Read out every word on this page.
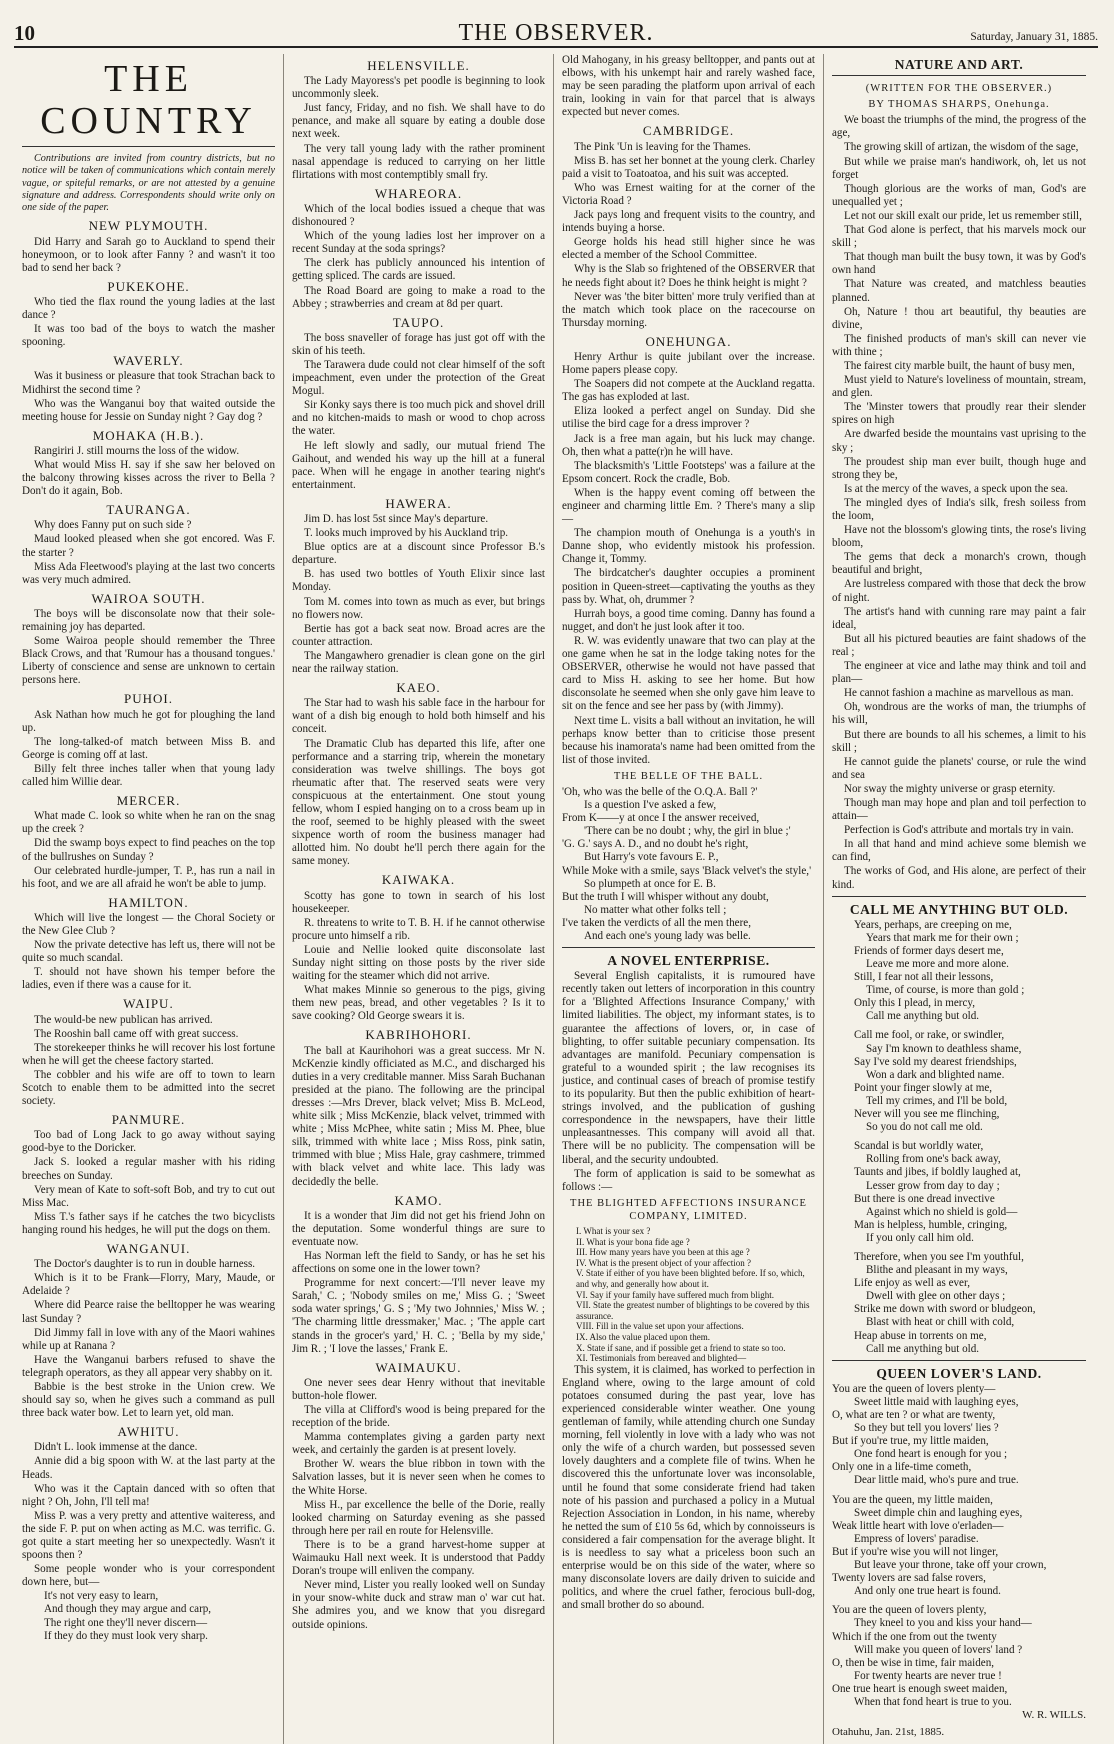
10	THE OBSERVER.	Saturday, January 31, 1885.
THE COUNTRY

Contributions are invited from country districts, but no notice will be taken of communications which contain merely vague, or spiteful remarks, or are not attested by a genuine signature and address. Correspondents should write only on one side of the paper.

NEW PLYMOUTH.

Did Harry and Sarah go to Auckland to spend their honeymoon, or to look after Fanny ? and wasn't it too bad to send her back ?

PUKEKOHE.

Who tied the flax round the young ladies at the last dance ?

It was too bad of the boys to watch the masher spooning.

WAVERLY.

Was it business or pleasure that took Strachan back to Midhirst the second time ?

Who was the Wanganui boy that waited outside the meeting house for Jessie on Sunday night ? Gay dog ?

MOHAKA (H.B.).

Rangiriri J. still mourns the loss of the widow.

What would Miss H. say if she saw her beloved on the balcony throwing kisses across the river to Bella ? Don't do it again, Bob.

TAURANGA.

Why does Fanny put on such side ?

Maud looked pleased when she got encored. Was F. the starter ?

Miss Ada Fleetwood's playing at the last two concerts was very much admired.

WAIROA SOUTH.

The boys will be disconsolate now that their sole-remaining joy has departed.

Some Wairoa people should remember the Three Black Crows, and that 'Rumour has a thousand tongues.' Liberty of conscience and sense are unknown to certain persons here.

PUHOI.

Ask Nathan how much he got for ploughing the land up.

The long-talked-of match between Miss B. and George is coming off at last.

Billy felt three inches taller when that young lady called him Willie dear.

MERCER.

What made C. look so white when he ran on the snag up the creek ?

Did the swamp boys expect to find peaches on the top of the bullrushes on Sunday ?

Our celebrated hurdle-jumper, T. P., has run a nail in his foot, and we are all afraid he won't be able to jump.

HAMILTON.

Which will live the longest — the Choral Society or the New Glee Club ?

Now the private detective has left us, there will not be quite so much scandal.

T. should not have shown his temper before the ladies, even if there was a cause for it.

WAIPU.

The would-be new publican has arrived.

The Rooshin ball came off with great success.

The storekeeper thinks he will recover his lost fortune when he will get the cheese factory started.

The cobbler and his wife are off to town to learn Scotch to enable them to be admitted into the secret society.

PANMURE.

Too bad of Long Jack to go away without saying good-bye to the Doricker.

Jack S. looked a regular masher with his riding breeches on Sunday.

Very mean of Kate to soft-soft Bob, and try to cut out Miss Mac.

Miss T.'s father says if he catches the two bicyclists hanging round his hedges, he will put the dogs on them.

WANGANUI.

The Doctor's daughter is to run in double harness.

Which is it to be Frank—Florry, Mary, Maude, or Adelaide ?

Where did Pearce raise the belltopper he was wearing last Sunday ?

Did Jimmy fall in love with any of the Maori wahines while up at Ranana ?

Have the Wanganui barbers refused to shave the telegraph operators, as they all appear very shabby on it.

Babbie is the best stroke in the Union crew. We should say so, when he gives such a command as pull three back water bow. Let to learn yet, old man.

AWHITU.

Didn't L. look immense at the dance.

Annie did a big spoon with W. at the last party at the Heads.

Who was it the Captain danced with so often that night ? Oh, John, I'll tell ma!

Miss P. was a very pretty and attentive waiteress, and the side F. P. put on when acting as M.C. was terrific. G. got quite a start meeting her so unexpectedly. Wasn't it spoons then ?

Some people wonder who is your correspondent down here, but—

It's not very easy to learn,
And though they may argue and carp,
The right one they'll never discern—
If they do they must look very sharp.
HELENSVILLE.

The Lady Mayoress's pet poodle is beginning to look uncommonly sleek.

Just fancy, Friday, and no fish. We shall have to do penance, and make all square by eating a double dose next week.

The very tall young lady with the rather prominent nasal appendage is reduced to carrying on her little flirtations with most contemptibly small fry.

WHAREORA.

Which of the local bodies issued a cheque that was dishonoured ?

Which of the young ladies lost her improver on a recent Sunday at the soda springs?

The clerk has publicly announced his intention of getting spliced. The cards are issued.

The Road Board are going to make a road to the Abbey ; strawberries and cream at 8d per quart.

TAUPO.

The boss snaveller of forage has just got off with the skin of his teeth.

The Tarawera dude could not clear himself of the soft impeachment, even under the protection of the Great Mogul.

Sir Konky says there is too much pick and shovel drill and no kitchen-maids to mash or wood to chop across the water.

He left slowly and sadly, our mutual friend The Gaihout, and wended his way up the hill at a funeral pace. When will he engage in another tearing night's entertainment.

HAWERA.

Jim D. has lost 5st since May's departure.

T. looks much improved by his Auckland trip.

Blue optics are at a discount since Professor B.'s departure.

B. has used two bottles of Youth Elixir since last Monday.

Tom M. comes into town as much as ever, but brings no flowers now.

Bertie has got a back seat now. Broad acres are the counter attraction.

The Mangawhero grenadier is clean gone on the girl near the railway station.

KAEO.

The Star had to wash his sable face in the harbour for want of a dish big enough to hold both himself and his conceit.

The Dramatic Club has departed this life, after one performance and a starring trip, wherein the monetary consideration was twelve shillings. The boys got rheumatic after that. The reserved seats were very conspicuous at the entertainment. One stout young fellow, whom I espied hanging on to a cross beam up in the roof, seemed to be highly pleased with the sweet sixpence worth of room the business manager had allotted him. No doubt he'll perch there again for the same money.

KAIWAKA.

Scotty has gone to town in search of his lost housekeeper.

R. threatens to write to T. B. H. if he cannot otherwise procure unto himself a rib.

Louie and Nellie looked quite disconsolate last Sunday night sitting on those posts by the river side waiting for the steamer which did not arrive.

What makes Minnie so generous to the pigs, giving them new peas, bread, and other vegetables ? Is it to save cooking? Old George swears it is.

KABRIHOHORI.

The ball at Kaurihohori was a great success. Mr N. McKenzie kindly officiated as M.C., and discharged his duties in a very creditable manner. Miss Sarah Buchanan presided at the piano. The following are the principal dresses :—Mrs Drever, black velvet; Miss B. McLeod, white silk ; Miss McKenzie, black velvet, trimmed with white ; Miss McPhee, white satin ; Miss M. Phee, blue silk, trimmed with white lace ; Miss Ross, pink satin, trimmed with blue ; Miss Hale, gray cashmere, trimmed with black velvet and white lace. This lady was decidedly the belle.

KAMO.

It is a wonder that Jim did not get his friend John on the deputation. Some wonderful things are sure to eventuate now.

Has Norman left the field to Sandy, or has he set his affections on some one in the lower town?

Programme for next concert:—'I'll never leave my Sarah,' C. ; 'Nobody smiles on me,' Miss G. ; 'Sweet soda water springs,' G. S ; 'My two Johnnies,' Miss W. ; 'The charming little dressmaker,' Mac. ; 'The apple cart stands in the grocer's yard,' H. C. ; 'Bella by my side,' Jim R. ; 'I love the lasses,' Frank E.

WAIMAUKU.

One never sees dear Henry without that inevitable button-hole flower.

The villa at Clifford's wood is being prepared for the reception of the bride.

Mamma contemplates giving a garden party next week, and certainly the garden is at present lovely.

Brother W. wears the blue ribbon in town with the Salvation lasses, but it is never seen when he comes to the White Horse.

Miss H., par excellence the belle of the Dorie, really looked charming on Saturday evening as she passed through here per rail en route for Helensville.

There is to be a grand harvest-home supper at Waimauku Hall next week. It is understood that Paddy Doran's troupe will enliven the company.

Never mind, Lister you really looked well on Sunday in your snow-white duck and straw man o' war cut hat. She admires you, and we know that you disregard outside opinions.

Old Mahogany, in his greasy belltopper, and pants out at elbows, with his unkempt hair and rarely washed face, may be seen parading the platform upon arrival of each train, looking in vain for that parcel that is always expected but never comes.

CAMBRIDGE.

The Pink 'Un is leaving for the Thames.

Miss B. has set her bonnet at the young clerk. Charley paid a visit to Toatoatoa, and his suit was accepted.

Who was Ernest waiting for at the corner of the Victoria Road ?

Jack pays long and frequent visits to the country, and intends buying a horse.

George holds his head still higher since he was elected a member of the School Committee.

Why is the Slab so frightened of the OBSERVER that he needs fight about it? Does he think height is might ?

Never was 'the biter bitten' more truly verified than at the match which took place on the racecourse on Thursday morning.

ONEHUNGA.

Henry Arthur is quite jubilant over the increase. Home papers please copy.

The Soapers did not compete at the Auckland regatta. The gas has exploded at last.

Eliza looked a perfect angel on Sunday. Did she utilise the bird cage for a dress improver ?

Jack is a free man again, but his luck may change. Oh, then what a patte(r)n he will have.

The blacksmith's 'Little Footsteps' was a failure at the Epsom concert. Rock the cradle, Bob.

When is the happy event coming off between the engineer and charming little Em. ? There's many a slip—

The champion mouth of Onehunga is a youth's in Danne shop, who evidently mistook his profession. Change it, Tommy.

The birdcatcher's daughter occupies a prominent position in Queen-street—captivating the youths as they pass by. What, oh, drummer ?

Hurrah boys, a good time coming. Danny has found a nugget, and don't he just look after it too.

R. W. was evidently unaware that two can play at the one game when he sat in the lodge taking notes for the OBSERVER, otherwise he would not have passed that card to Miss H. asking to see her home. But how disconsolate he seemed when she only gave him leave to sit on the fence and see her pass by (with Jimmy).

Next time L. visits a ball without an invitation, he will perhaps know better than to criticise those present because his inamorata's name had been omitted from the list of those invited.

THE BELLE OF THE BALL.
'Oh, who was the belle of the O.Q.A. Ball ?'
Is a question I've asked a few,
From K——y at once I the answer received,
'There can be no doubt ; why, the girl in blue ;'
'G. G.' says A. D., and no doubt he's right,
But Harry's vote favours E. P.,
While Moke with a smile, says 'Black velvet's the style,'
So plumpeth at once for E. B.
But the truth I will whisper without any doubt,
No matter what other folks tell ;
I've taken the verdicts of all the men there,
And each one's young lady was belle.
A NOVEL ENTERPRISE.

Several English capitalists, it is rumoured have recently taken out letters of incorporation in this country for a 'Blighted Affections Insurance Company,' with limited liabilities. The object, my informant states, is to guarantee the affections of lovers, or, in case of blighting, to offer suitable pecuniary compensation. Its advantages are manifold. Pecuniary compensation is grateful to a wounded spirit ; the law recognises its justice, and continual cases of breach of promise testify to its popularity. But then the public exhibition of heart-strings involved, and the publication of gushing correspondence in the newspapers, have their little unpleasantnesses. This company will avoid all that. There will be no publicity. The compensation will be liberal, and the security undoubted.

The form of application is said to be somewhat as follows :—

THE BLIGHTED AFFECTIONS INSURANCE COMPANY, LIMITED.
I. What is your sex ?
II. What is your bona fide age ?
III. How many years have you been at this age ?
IV. What is the present object of your affection ?
V. State if either of you have been blighted before. If so, which, and why, and generally how about it.
VI. Say if your family have suffered much from blight.
VII. State the greatest number of blightings to be covered by this assurance.
VIII. Fill in the value set upon your affections.
IX. Also the value placed upon them.
X. State if sane, and if possible get a friend to state so too.
XI. Testimonials from bereaved and blighted—

This system, it is claimed, has worked to perfection in England where, owing to the large amount of cold potatoes consumed during the past year, love has experienced considerable winter weather. One young gentleman of family, while attending church one Sunday morning, fell violently in love with a lady who was not only the wife of a church warden, but possessed seven lovely daughters and a complete file of twins. When he discovered this the unfortunate lover was inconsolable, until he found that some considerate friend had taken note of his passion and purchased a policy in a Mutual Rejection Association in London, in his name, whereby he netted the sum of £10 5s 6d, which by connoisseurs is considered a fair compensation for the average blight. It is is needless to say what a priceless boon such an enterprise would be on this side of the water, where so many disconsolate lovers are daily driven to suicide and politics, and where the cruel father, ferocious bull-dog, and small brother do so abound.

NATURE AND ART.
(WRITTEN FOR THE OBSERVER.)
BY THOMAS SHARPS, Onehunga.

We boast the triumphs of the mind, the progress of the age,

The growing skill of artizan, the wisdom of the sage,

But while we praise man's handiwork, oh, let us not forget

Though glorious are the works of man, God's are unequalled yet ;

Let not our skill exalt our pride, let us remember still,

That God alone is perfect, that his marvels mock our skill ;

That though man built the busy town, it was by God's own hand

That Nature was created, and matchless beauties planned.

Oh, Nature ! thou art beautiful, thy beauties are divine,

The finished products of man's skill can never vie with thine ;

The fairest city marble built, the haunt of busy men,

Must yield to Nature's loveliness of mountain, stream, and glen.

The 'Minster towers that proudly rear their slender spires on high

Are dwarfed beside the mountains vast uprising to the sky ;

The proudest ship man ever built, though huge and strong they be,

Is at the mercy of the waves, a speck upon the sea.

The mingled dyes of India's silk, fresh soiless from the loom,

Have not the blossom's glowing tints, the rose's living bloom,

The gems that deck a monarch's crown, though beautiful and bright,

Are lustreless compared with those that deck the brow of night.

The artist's hand with cunning rare may paint a fair ideal,

But all his pictured beauties are faint shadows of the real ;

The engineer at vice and lathe may think and toil and plan—

He cannot fashion a machine as marvellous as man.

Oh, wondrous are the works of man, the triumphs of his will,

But there are bounds to all his schemes, a limit to his skill ;

He cannot guide the planets' course, or rule the wind and sea

Nor sway the mighty universe or grasp eternity.

Though man may hope and plan and toil perfection to attain—

Perfection is God's attribute and mortals try in vain.

In all that hand and mind achieve some blemish we can find,

The works of God, and His alone, are perfect of their kind.

CALL ME ANYTHING BUT OLD.
Years, perhaps, are creeping on me,
Years that mark me for their own ;
Friends of former days desert me,
Leave me more and more alone.
Still, I fear not all their lessons,
Time, of course, is more than gold ;
Only this I plead, in mercy,
Call me anything but old.
Call me fool, or rake, or swindler,
Say I'm known to deathless shame,
Say I've sold my dearest friendships,
Won a dark and blighted name.
Point your finger slowly at me,
Tell my crimes, and I'll be bold,
Never will you see me flinching,
So you do not call me old.
Scandal is but worldly water,
Rolling from one's back away,
Taunts and jibes, if boldly laughed at,
Lesser grow from day to day ;
But there is one dread invective
Against which no shield is gold—
Man is helpless, humble, cringing,
If you only call him old.
Therefore, when you see I'm youthful,
Blithe and pleasant in my ways,
Life enjoy as well as ever,
Dwell with glee on other days ;
Strike me down with sword or bludgeon,
Blast with heat or chill with cold,
Heap abuse in torrents on me,
Call me anything but old.
QUEEN LOVER'S LAND.
You are the queen of lovers plenty—
Sweet little maid with laughing eyes,
O, what are ten ? or what are twenty,
So they but tell you lovers' lies ?
But if you're true, my little maiden,
One fond heart is enough for you ;
Only one in a life-time cometh,
Dear little maid, who's pure and true.
You are the queen, my little maiden,
Sweet dimple chin and laughing eyes,
Weak little heart with love o'erladen—
Empress of lovers' paradise.
But if you're wise you will not linger,
But leave your throne, take off your crown,
Twenty lovers are sad false rovers,
And only one true heart is found.
You are the queen of lovers plenty,
They kneel to you and kiss your hand—
Which if the one from out the twenty
Will make you queen of lovers' land ?
O, then be wise in time, fair maiden,
For twenty hearts are never true !
One true heart is enough sweet maiden,
When that fond heart is true to you.
W. R. WILLS.
Otahuhu, Jan. 21st, 1885.
